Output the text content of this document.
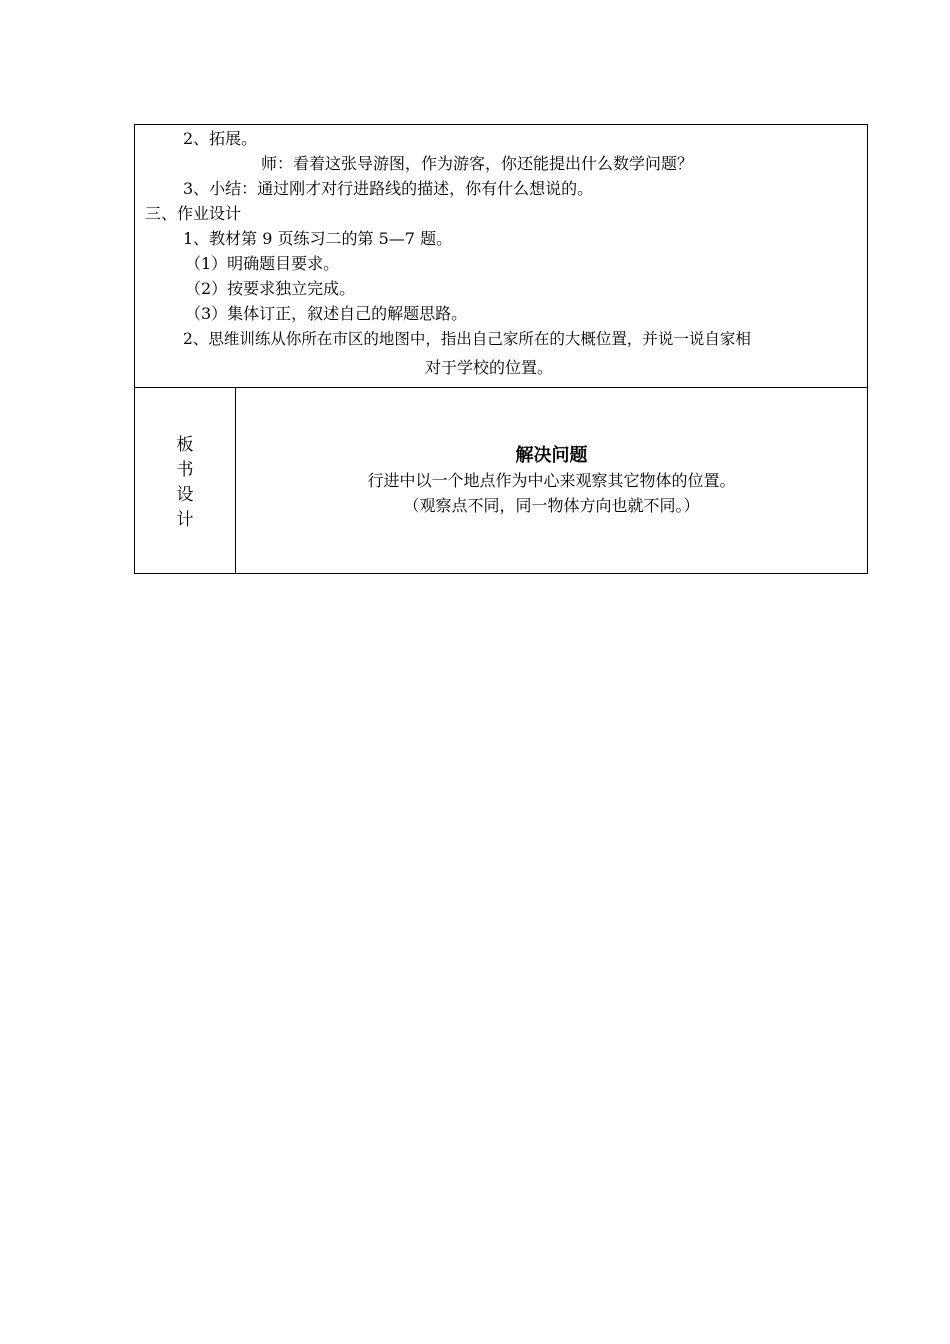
2、拓展。
师：看着这张导游图，作为游客，你还能提出什么数学问题？
3、小结：通过刚才对行进路线的描述，你有什么想说的。
三、作业设计
1、教材第 9 页练习二的第 5—7 题。
（1）明确题目要求。
（2）按要求独立完成。
（3）集体订正，叙述自己的解题思路。
2、思维训练从你所在市区的地图中，指出自己家所在的大概位置，并说一说自家相
对于学校的位置。
板
书
设
计
解决问题
行进中以一个地点作为中心来观察其它物体的位置。
（观察点不同，同一物体方向也就不同。）
